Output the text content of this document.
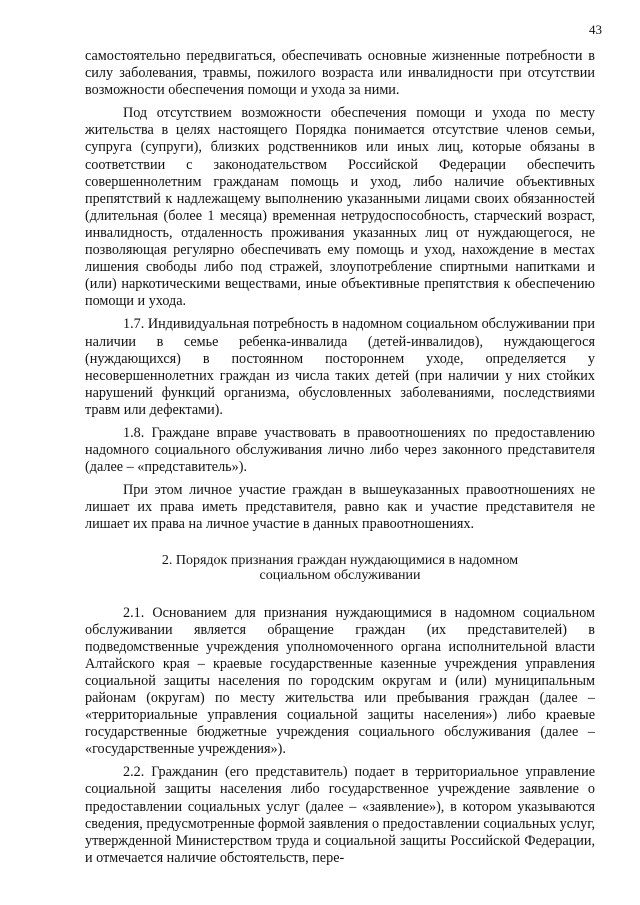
43

самостоятельно передвигаться, обеспечивать основные жизненные потребности в силу заболевания, травмы, пожилого возраста или инвалидности при отсутствии возможности обеспечения помощи и ухода за ними.

Под отсутствием возможности обеспечения помощи и ухода по месту жительства в целях настоящего Порядка понимается отсутствие членов семьи, супруга (супруги), близких родственников или иных лиц, которые обязаны в соответствии с законодательством Российской Федерации обеспечить совершеннолетним гражданам помощь и уход, либо наличие объективных препятствий к надлежащему выполнению указанными лицами своих обязанностей (длительная (более 1 месяца) временная нетрудоспособность, старческий возраст, инвалидность, отдаленность проживания указанных лиц от нуждающегося, не позволяющая регулярно обеспечивать ему помощь и уход, нахождение в местах лишения свободы либо под стражей, злоупотребление спиртными напитками и (или) наркотическими веществами, иные объективные препятствия к обеспечению помощи и ухода.

1.7. Индивидуальная потребность в надомном социальном обслуживании при наличии в семье ребенка-инвалида (детей-инвалидов), нуждающегося (нуждающихся) в постоянном постороннем уходе, определяется у несовершеннолетних граждан из числа таких детей (при наличии у них стойких нарушений функций организма, обусловленных заболеваниями, последствиями травм или дефектами).

1.8. Граждане вправе участвовать в правоотношениях по предоставлению надомного социального обслуживания лично либо через законного представителя (далее – «представитель»).

При этом личное участие граждан в вышеуказанных правоотношениях не лишает их права иметь представителя, равно как и участие представителя не лишает их права на личное участие в данных правоотношениях.

2. Порядок признания граждан нуждающимися в надомном
социальном обслуживании

2.1. Основанием для признания нуждающимися в надомном социальном обслуживании является обращение граждан (их представителей) в подведомственные учреждения уполномоченного органа исполнительной власти Алтайского края – краевые государственные казенные учреждения управления социальной защиты населения по городским округам и (или) муниципальным районам (округам) по месту жительства или пребывания граждан (далее – «территориальные управления социальной защиты населения») либо краевые государственные бюджетные учреждения социального обслуживания (далее – «государственные учреждения»).

2.2. Гражданин (его представитель) подает в территориальное управление социальной защиты населения либо государственное учреждение заявление о предоставлении социальных услуг (далее – «заявление»), в котором указываются сведения, предусмотренные формой заявления о предоставлении социальных услуг, утвержденной Министерством труда и социальной защиты Российской Федерации, и отмечается наличие обстоятельств, пере-
